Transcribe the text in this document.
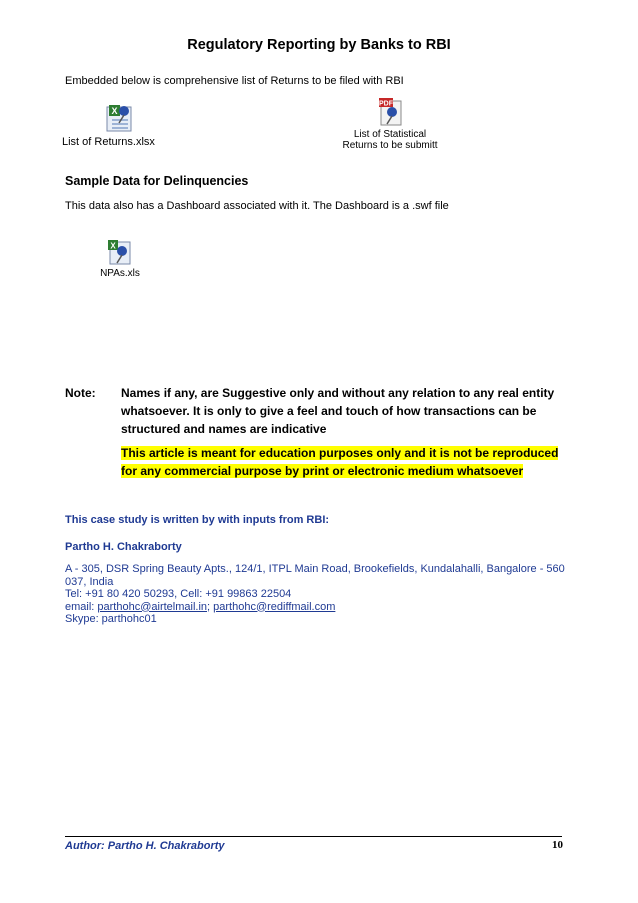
Regulatory Reporting by Banks to RBI
Embedded below is comprehensive list of Returns to be filed with RBI
X
List of Returns.xlsx
PDF
List of Statistical
Returns to be submitt
Sample Data for Delinquencies
This data also has a Dashboard associated with it. The Dashboard is a .swf file
X
NPAs.xls
Note:	Names if any, are Suggestive only and without any relation to any real entity
whatsoever. It is only to give a feel and touch of how transactions can be
structured and names are indicative
This article is meant for education purposes only and it is not be reproduced for any commercial purpose by print or electronic medium whatsoever
This case study is written by with inputs from RBI:
Partho H. Chakraborty
A - 305, DSR Spring Beauty Apts., 124/1, ITPL Main Road, Brookefields, Kundalahalli, Bangalore - 560 037, India
Tel: +91 80 420 50293, Cell: +91 99863 22504
email: parthohc@airtelmail.in; parthohc@rediffmail.com
Skype: parthohc01
Author: Partho H. Chakraborty	10
